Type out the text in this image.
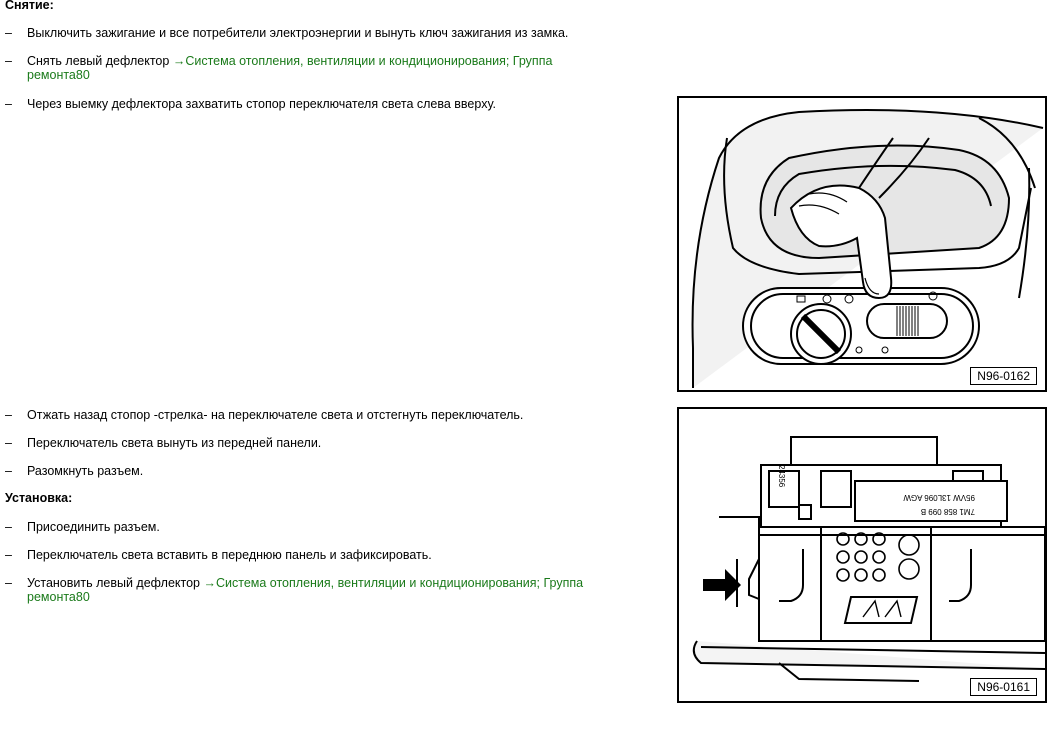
Снятие:
– Выключить зажигание и все потребители электроэнергии и вынуть ключ зажигания из замка.
– Снять левый дефлектор →Система отопления, вентиляции и кондиционирования; Группа ремонта80
– Через выемку дефлектора захватить стопор переключателя света слева вверху.
– Отжать назад стопор -стрелка- на переключателе света и отстегнуть переключатель.
– Переключатель света вынуть из передней панели.
– Разомкнуть разъем.
Установка:
– Присоединить разъем.
– Переключатель света вставить в переднюю панель и зафиксировать.
– Установить левый дефлектор →Система отопления, вентиляции и кондиционирования; Группа ремонта80
N96-0162
7M1 858 099 B
95VW 13L096 AGW
24356
N96-0161
